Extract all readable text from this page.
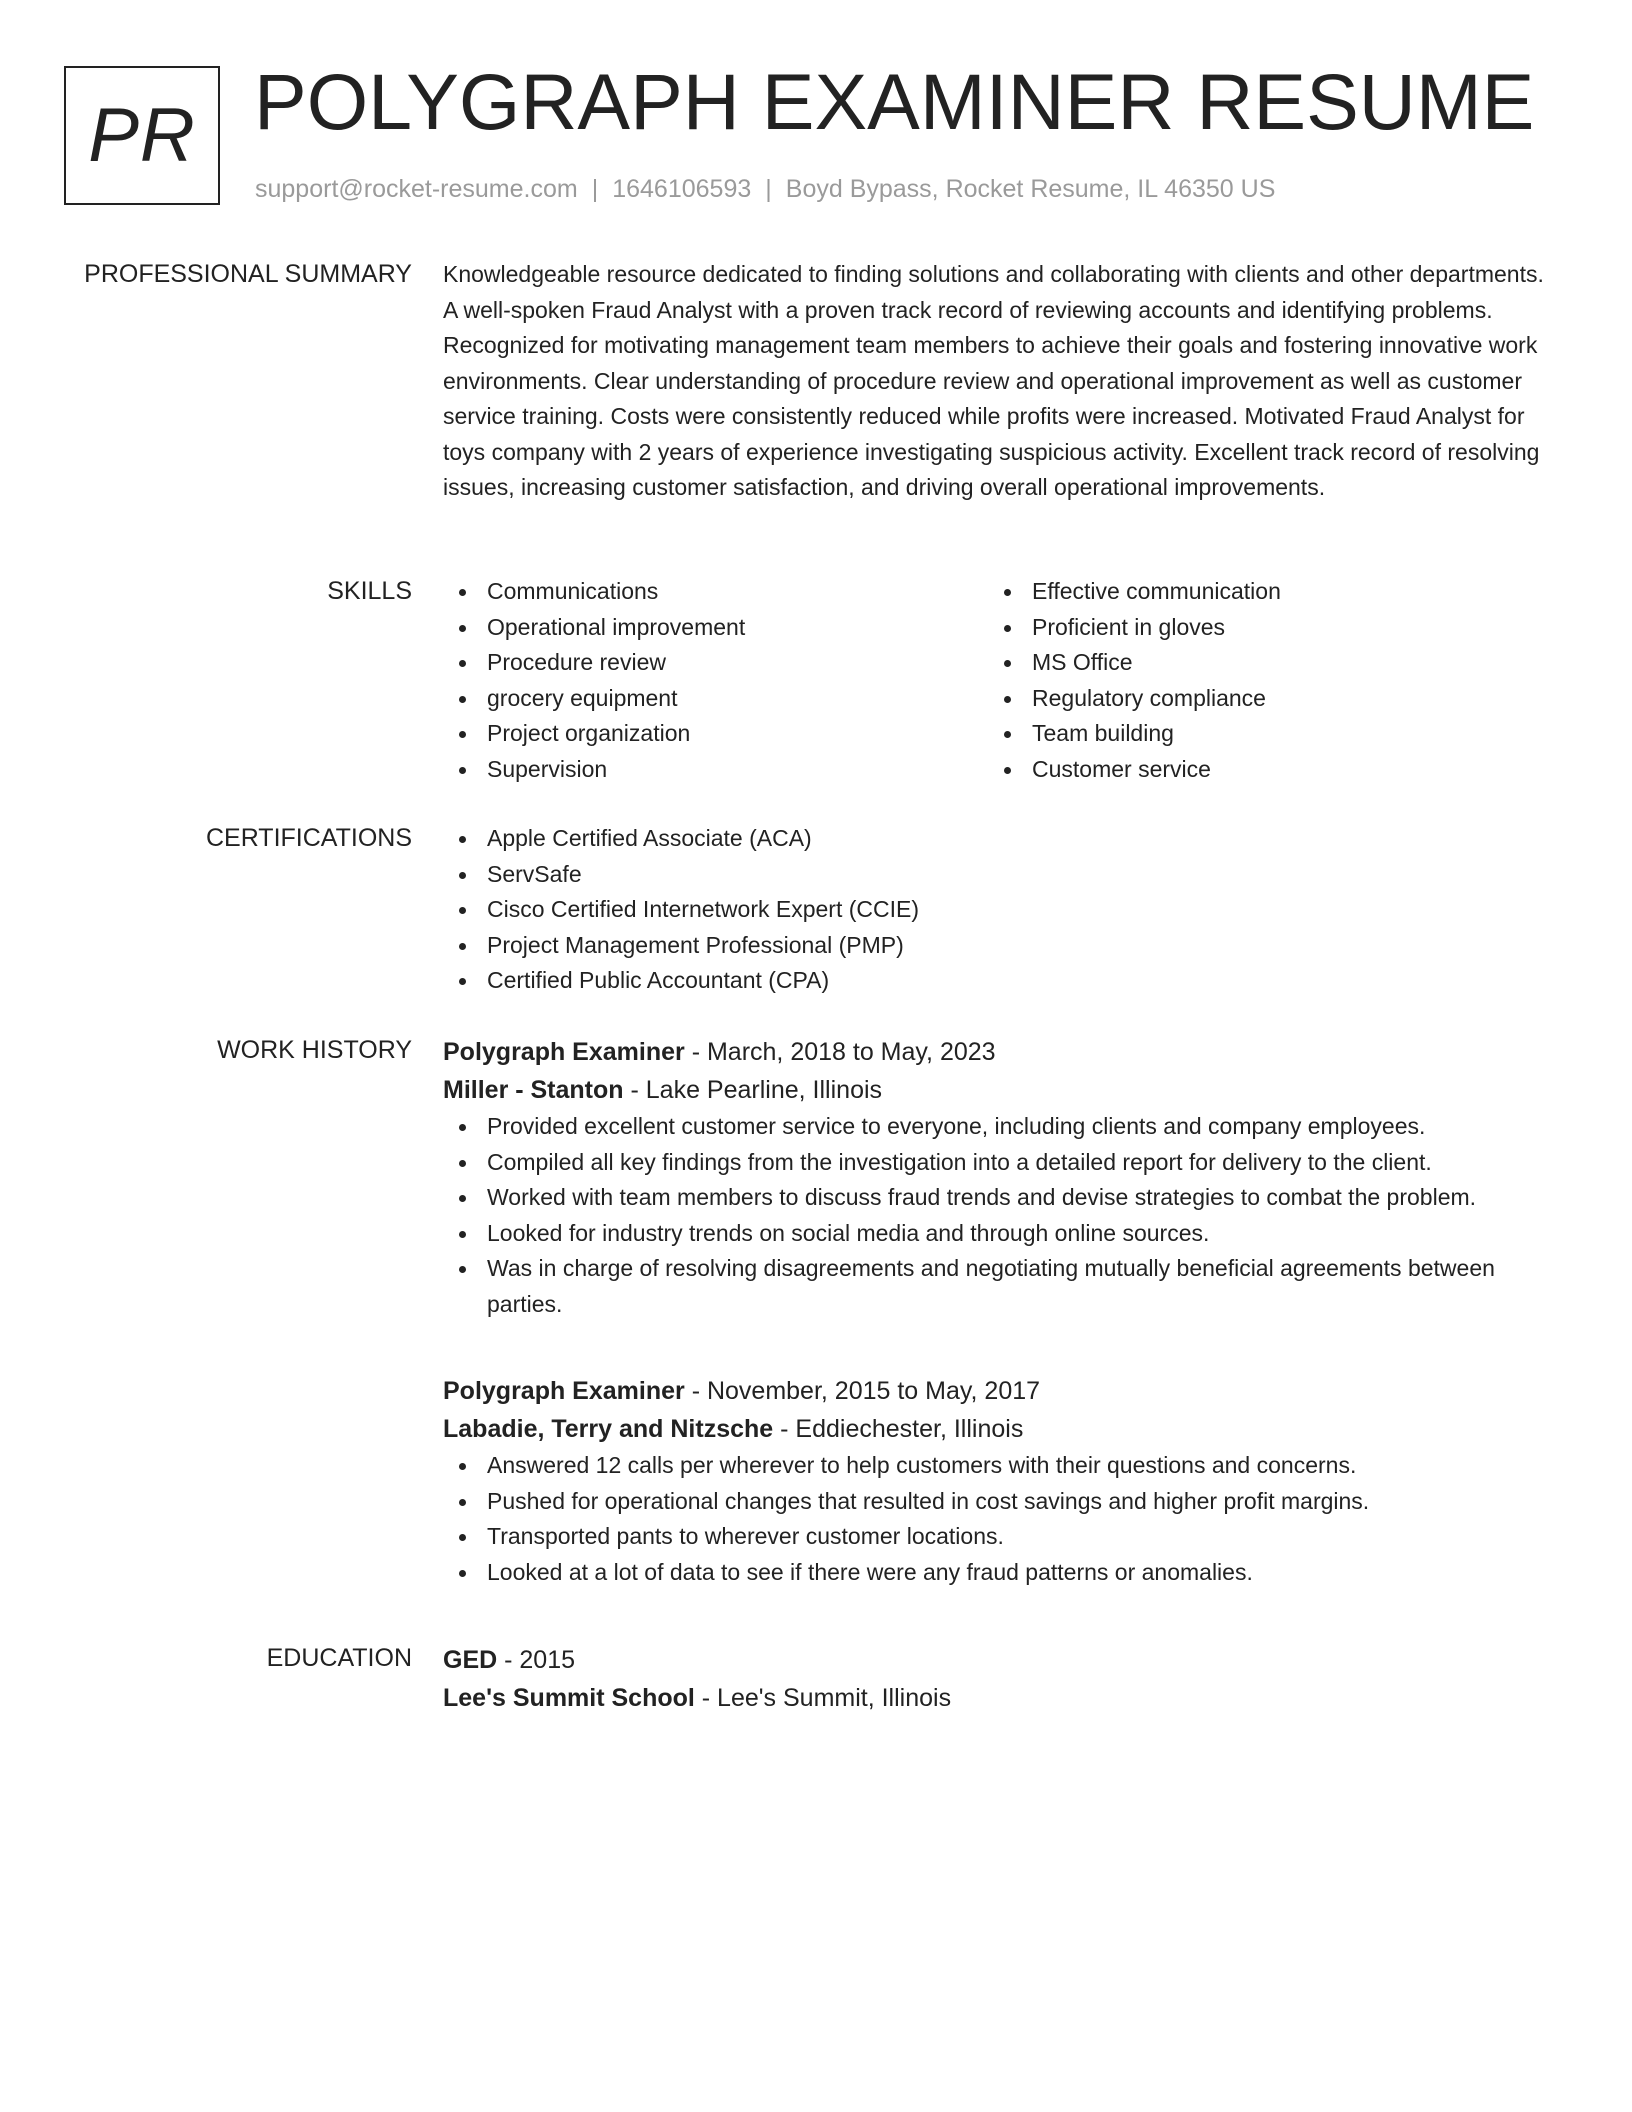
PR POLYGRAPH EXAMINER RESUME
support@rocket-resume.com | 1646106593 | Boyd Bypass, Rocket Resume, IL 46350 US
PROFESSIONAL SUMMARY Knowledgeable resource dedicated to finding solutions and collaborating with clients and other departments. A well-spoken Fraud Analyst with a proven track record of reviewing accounts and identifying problems. Recognized for motivating management team members to achieve their goals and fostering innovative work environments. Clear understanding of procedure review and operational improvement as well as customer service training. Costs were consistently reduced while profits were increased. Motivated Fraud Analyst for toys company with 2 years of experience investigating suspicious activity. Excellent track record of resolving issues, increasing customer satisfaction, and driving overall operational improvements.

SKILLS	Communications
Operational improvement
Procedure review
grocery equipment
Project organization
Supervision
Effective communication
Proficient in gloves
MS Office
Regulatory compliance
Team building
Customer service
CERTIFICATIONS	Apple Certified Associate (ACA)
ServSafe
Cisco Certified Internetwork Expert (CCIE)
Project Management Professional (PMP)
Certified Public Accountant (CPA)
WORK HISTORY Polygraph Examiner - March, 2018 to May, 2023
Miller - Stanton - Lake Pearline, Illinois
Provided excellent customer service to everyone, including clients and company employees.
Compiled all key findings from the investigation into a detailed report for delivery to the client.
Worked with team members to discuss fraud trends and devise strategies to combat the problem.
Looked for industry trends on social media and through online sources.
Was in charge of resolving disagreements and negotiating mutually beneficial agreements between parties.
Polygraph Examiner - November, 2015 to May, 2017
Labadie, Terry and Nitzsche - Eddiechester, Illinois
Answered 12 calls per wherever to help customers with their questions and concerns.
Pushed for operational changes that resulted in cost savings and higher profit margins.
Transported pants to wherever customer locations.
Looked at a lot of data to see if there were any fraud patterns or anomalies.
EDUCATION GED - 2015
Lee's Summit School - Lee's Summit, Illinois
